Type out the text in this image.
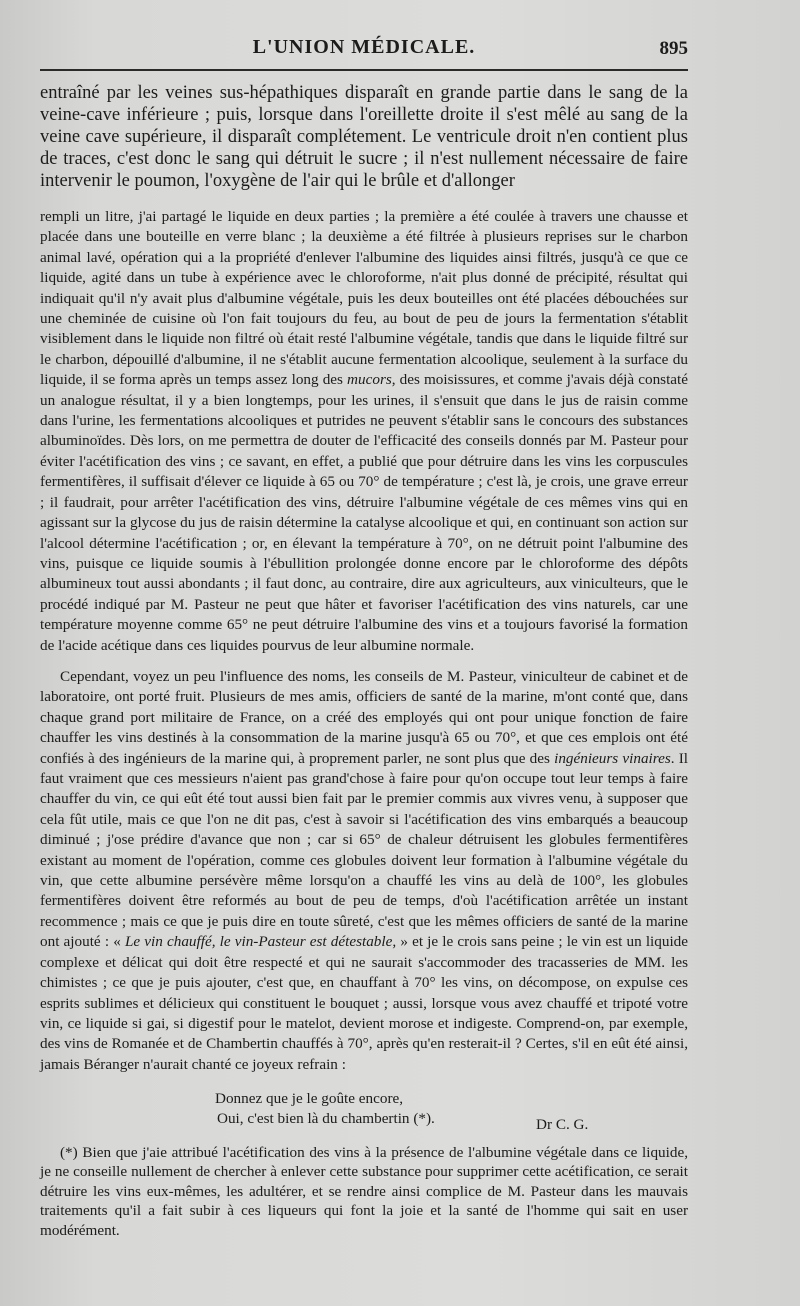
L'UNION MÉDICALE.	895

entraîné par les veines sus-hépathiques disparaît en grande partie dans le sang de la veine-cave inférieure ; puis, lorsque dans l'oreillette droite il s'est mêlé au sang de la veine cave supérieure, il disparaît complétement. Le ventricule droit n'en contient plus de traces, c'est donc le sang qui détruit le sucre ; il n'est nullement nécessaire de faire intervenir le poumon, l'oxygène de l'air qui le brûle et d'allonger

rempli un litre, j'ai partagé le liquide en deux parties ; la première a été coulée à travers une chausse et placée dans une bouteille en verre blanc ; la deuxième a été filtrée à plusieurs reprises sur le charbon animal lavé, opération qui a la propriété d'enlever l'albumine des liquides ainsi filtrés, jusqu'à ce que ce liquide, agité dans un tube à expérience avec le chloroforme, n'ait plus donné de précipité, résultat qui indiquait qu'il n'y avait plus d'albumine végétale, puis les deux bouteilles ont été placées débouchées sur une cheminée de cuisine où l'on fait toujours du feu, au bout de peu de jours la fermentation s'établit visiblement dans le liquide non filtré où était resté l'albumine végétale, tandis que dans le liquide filtré sur le charbon, dépouillé d'albumine, il ne s'établit aucune fermentation alcoolique, seulement à la surface du liquide, il se forma après un temps assez long des mucors, des moisissures, et comme j'avais déjà constaté un analogue résultat, il y a bien longtemps, pour les urines, il s'ensuit que dans le jus de raisin comme dans l'urine, les fermentations alcooliques et putrides ne peuvent s'établir sans le concours des substances albuminoïdes. Dès lors, on me permettra de douter de l'efficacité des conseils donnés par M. Pasteur pour éviter l'acétification des vins ; ce savant, en effet, a publié que pour détruire dans les vins les corpuscules fermentifères, il suffisait d'élever ce liquide à 65 ou 70° de température ; c'est là, je crois, une grave erreur ; il faudrait, pour arrêter l'acétification des vins, détruire l'albumine végétale de ces mêmes vins qui en agissant sur la glycose du jus de raisin détermine la catalyse alcoolique et qui, en continuant son action sur l'alcool détermine l'acétification ; or, en élevant la température à 70°, on ne détruit point l'albumine des vins, puisque ce liquide soumis à l'ébullition prolongée donne encore par le chloroforme des dépôts albumineux tout aussi abondants ; il faut donc, au contraire, dire aux agriculteurs, aux viniculteurs, que le procédé indiqué par M. Pasteur ne peut que hâter et favoriser l'acétification des vins naturels, car une température moyenne comme 65° ne peut détruire l'albumine des vins et a toujours favorisé la formation de l'acide acétique dans ces liquides pourvus de leur albumine normale.

Cependant, voyez un peu l'influence des noms, les conseils de M. Pasteur, viniculteur de cabinet et de laboratoire, ont porté fruit. Plusieurs de mes amis, officiers de santé de la marine, m'ont conté que, dans chaque grand port militaire de France, on a créé des employés qui ont pour unique fonction de faire chauffer les vins destinés à la consommation de la marine jusqu'à 65 ou 70°, et que ces emplois ont été confiés à des ingénieurs de la marine qui, à proprement parler, ne sont plus que des ingénieurs vinaires. Il faut vraiment que ces messieurs n'aient pas grand'chose à faire pour qu'on occupe tout leur temps à faire chauffer du vin, ce qui eût été tout aussi bien fait par le premier commis aux vivres venu, à supposer que cela fût utile, mais ce que l'on ne dit pas, c'est à savoir si l'acétification des vins embarqués a beaucoup diminué ; j'ose prédire d'avance que non ; car si 65° de chaleur détruisent les globules fermentifères existant au moment de l'opération, comme ces globules doivent leur formation à l'albumine végétale du vin, que cette albumine persévère même lorsqu'on a chauffé les vins au delà de 100°, les globules fermentifères doivent être reformés au bout de peu de temps, d'où l'acétification arrêtée un instant recommence ; mais ce que je puis dire en toute sûreté, c'est que les mêmes officiers de santé de la marine ont ajouté : « Le vin chauffé, le vin-Pasteur est détestable, » et je le crois sans peine ; le vin est un liquide complexe et délicat qui doit être respecté et qui ne saurait s'accommoder des tracasseries de MM. les chimistes ; ce que je puis ajouter, c'est que, en chauffant à 70° les vins, on décompose, on expulse ces esprits sublimes et délicieux qui constituent le bouquet ; aussi, lorsque vous avez chauffé et tripoté votre vin, ce liquide si gai, si digestif pour le matelot, devient morose et indigeste. Comprend-on, par exemple, des vins de Romanée et de Chambertin chauffés à 70°, après qu'en resterait-il ? Certes, s'il en eût été ainsi, jamais Béranger n'aurait chanté ce joyeux refrain :

Donnez que je le goûte encore,
Oui, c'est bien là du chambertin (*).	Dr C. G.

(*) Bien que j'aie attribué l'acétification des vins à la présence de l'albumine végétale dans ce liquide, je ne conseille nullement de chercher à enlever cette substance pour supprimer cette acétification, ce serait détruire les vins eux-mêmes, les adultérer, et se rendre ainsi complice de M. Pasteur dans les mauvais traitements qu'il a fait subir à ces liqueurs qui font la joie et la santé de l'homme qui sait en user modérément.
